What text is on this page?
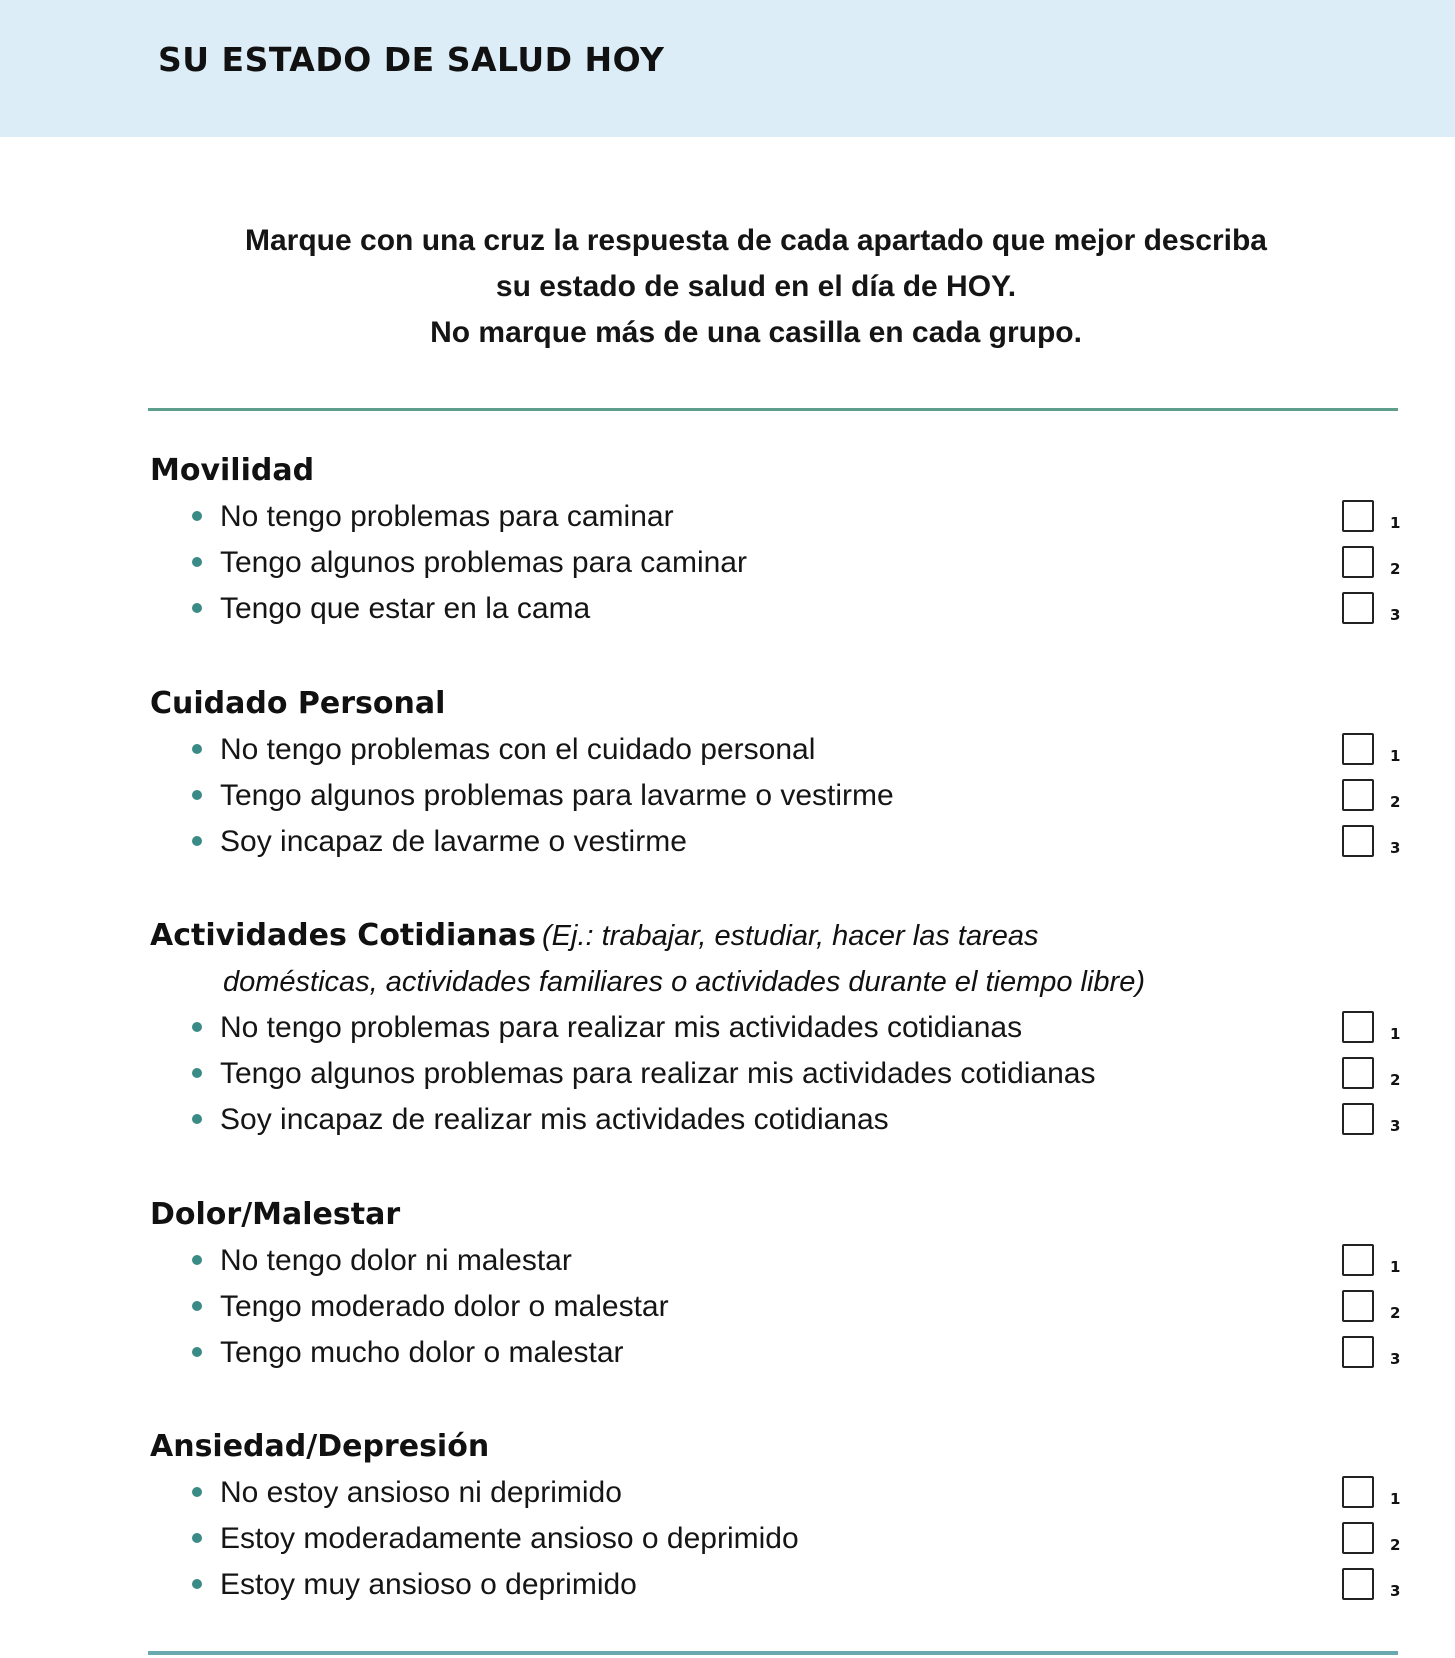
SU ESTADO DE SALUD HOY
Marque con una cruz la respuesta de cada apartado que mejor describa
su estado de salud en el día de HOY.
No marque más de una casilla en cada grupo.
Movilidad
No tengo problemas para caminar	1
Tengo algunos problemas para caminar	2
Tengo que estar en la cama	3
Cuidado Personal
No tengo problemas con el cuidado personal	1
Tengo algunos problemas para lavarme o vestirme	2
Soy incapaz de lavarme o vestirme	3
Actividades Cotidianas (Ej.: trabajar, estudiar, hacer las tareas
domésticas, actividades familiares o actividades durante el tiempo libre)
No tengo problemas para realizar mis actividades cotidianas	1
Tengo algunos problemas para realizar mis actividades cotidianas	2
Soy incapaz de realizar mis actividades cotidianas	3
Dolor/Malestar
No tengo dolor ni malestar	1
Tengo moderado dolor o malestar	2
Tengo mucho dolor o malestar	3
Ansiedad/Depresión
No estoy ansioso ni deprimido	1
Estoy moderadamente ansioso o deprimido	2
Estoy muy ansioso o deprimido	3
